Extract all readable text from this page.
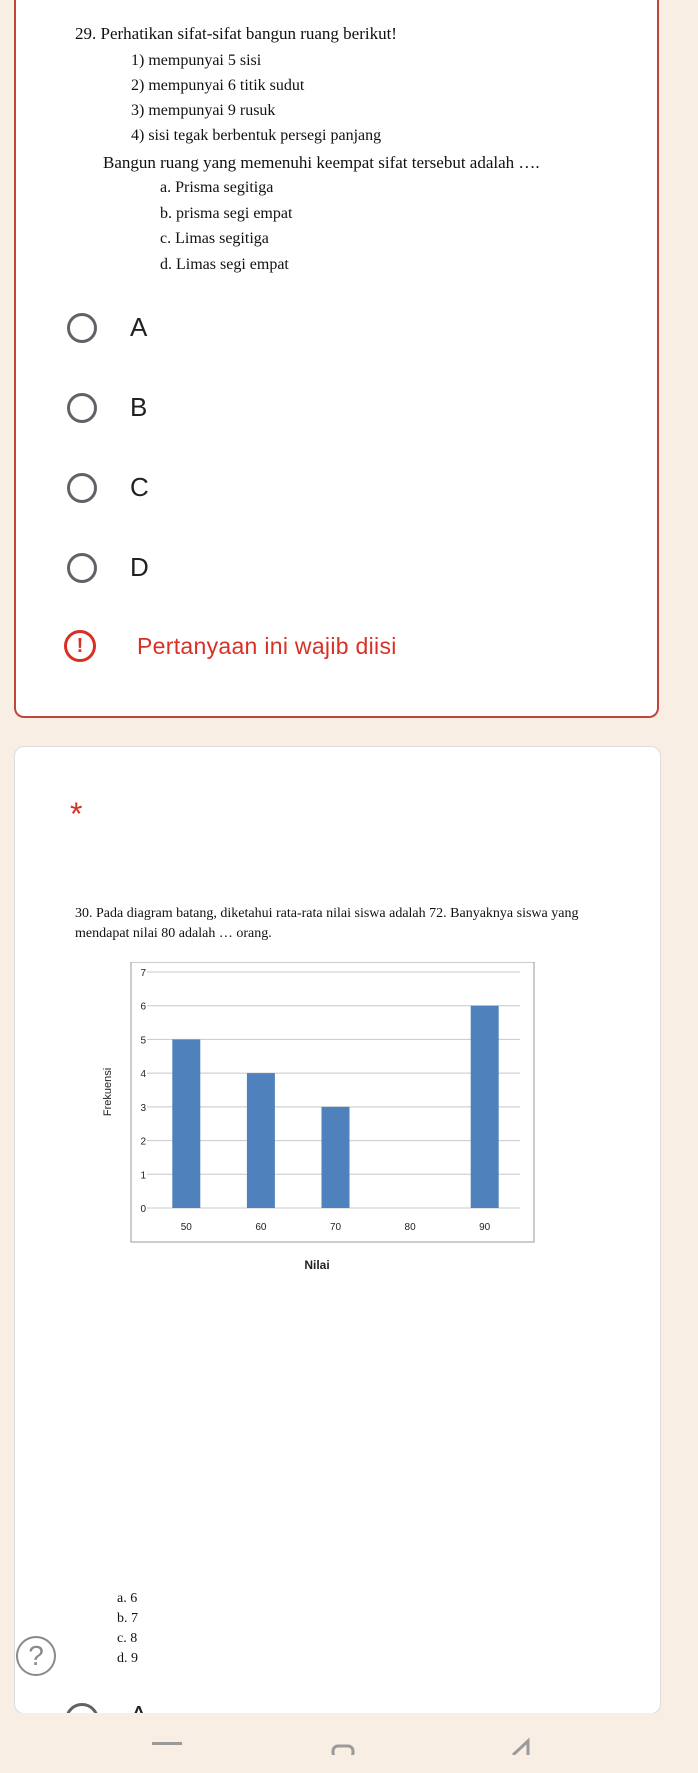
29. Perhatikan sifat-sifat bangun ruang berikut!
1) mempunyai 5 sisi
2) mempunyai 6 titik sudut
3) mempunyai 9 rusuk
4) sisi tegak berbentuk persegi panjang
Bangun ruang yang memenuhi keempat sifat tersebut adalah ….
a. Prisma segitiga
b. prisma segi empat
c. Limas segitiga
d. Limas segi empat
A
B
C
D
!	Pertanyaan ini wajib diisi
*
30. Pada diagram batang, diketahui rata-rata nilai siswa adalah 72. Banyaknya siswa yang mendapat nilai 80 adalah … orang.
0
1
2
3
4
5
6
7
50	60	70	80	90
Frekuensi
Nilai
a. 6
b. 7
c. 8
d. 9
?
